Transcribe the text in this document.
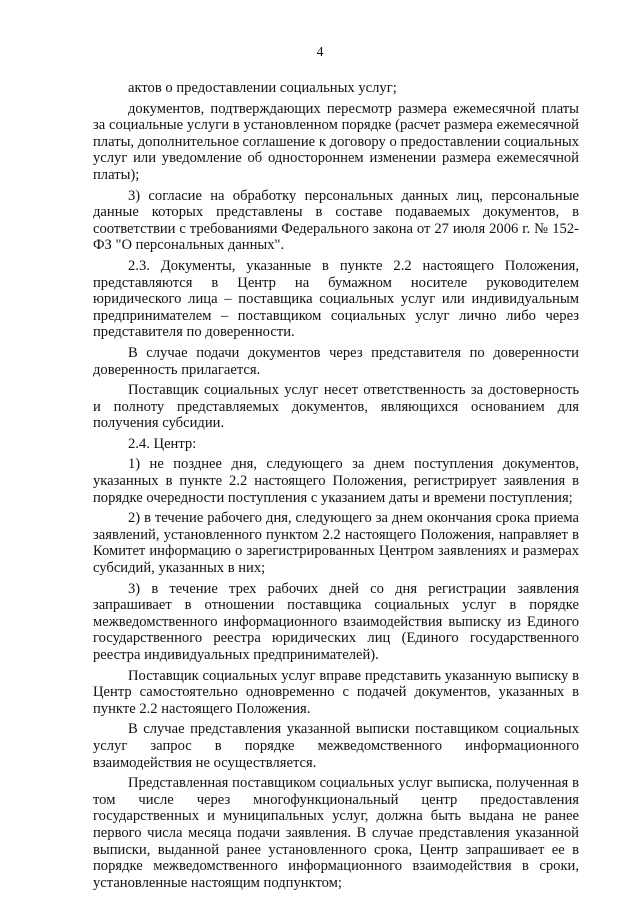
4

актов о предоставлении социальных услуг;

документов, подтверждающих пересмотр размера ежемесячной платы за социальные услуги в установленном порядке (расчет размера ежемесячной платы, дополнительное соглашение к договору о предоставлении социальных услуг или уведомление об одностороннем изменении размера ежемесячной платы);

3) согласие на обработку персональных данных лиц, персональные данные которых представлены в составе подаваемых документов, в соответствии с требованиями Федерального закона от 27 июля 2006 г. № 152-ФЗ "О персональных данных".

2.3. Документы, указанные в пункте 2.2 настоящего Положения, представляются в Центр на бумажном носителе руководителем юридического лица – поставщика социальных услуг или индивидуальным предпринимателем – поставщиком социальных услуг лично либо через представителя по доверенности.

В случае подачи документов через представителя по доверенности доверенность прилагается.

Поставщик социальных услуг несет ответственность за достоверность и полноту представляемых документов, являющихся основанием для получения субсидии.

2.4. Центр:

1) не позднее дня, следующего за днем поступления документов, указанных в пункте 2.2 настоящего Положения, регистрирует заявления в порядке очередности поступления с указанием даты и времени поступления;

2) в течение рабочего дня, следующего за днем окончания срока приема заявлений, установленного пунктом 2.2 настоящего Положения, направляет в Комитет информацию о зарегистрированных Центром заявлениях и размерах субсидий, указанных в них;

3) в течение трех рабочих дней со дня регистрации заявления запрашивает в отношении поставщика социальных услуг в порядке межведомственного информационного взаимодействия выписку из Единого государственного реестра юридических лиц (Единого государственного реестра индивидуальных предпринимателей).

Поставщик социальных услуг вправе представить указанную выписку в Центр самостоятельно одновременно с подачей документов, указанных в пункте 2.2 настоящего Положения.

В случае представления указанной выписки поставщиком социальных услуг запрос в порядке межведомственного информационного взаимодействия не осуществляется.

Представленная поставщиком социальных услуг выписка, полученная в том числе через многофункциональный центр предоставления государственных и муниципальных услуг, должна быть выдана не ранее первого числа месяца подачи заявления. В случае представления указанной выписки, выданной ранее установленного срока, Центр запрашивает ее в порядке межведомственного информационного взаимодействия в сроки, установленные настоящим подпунктом;
